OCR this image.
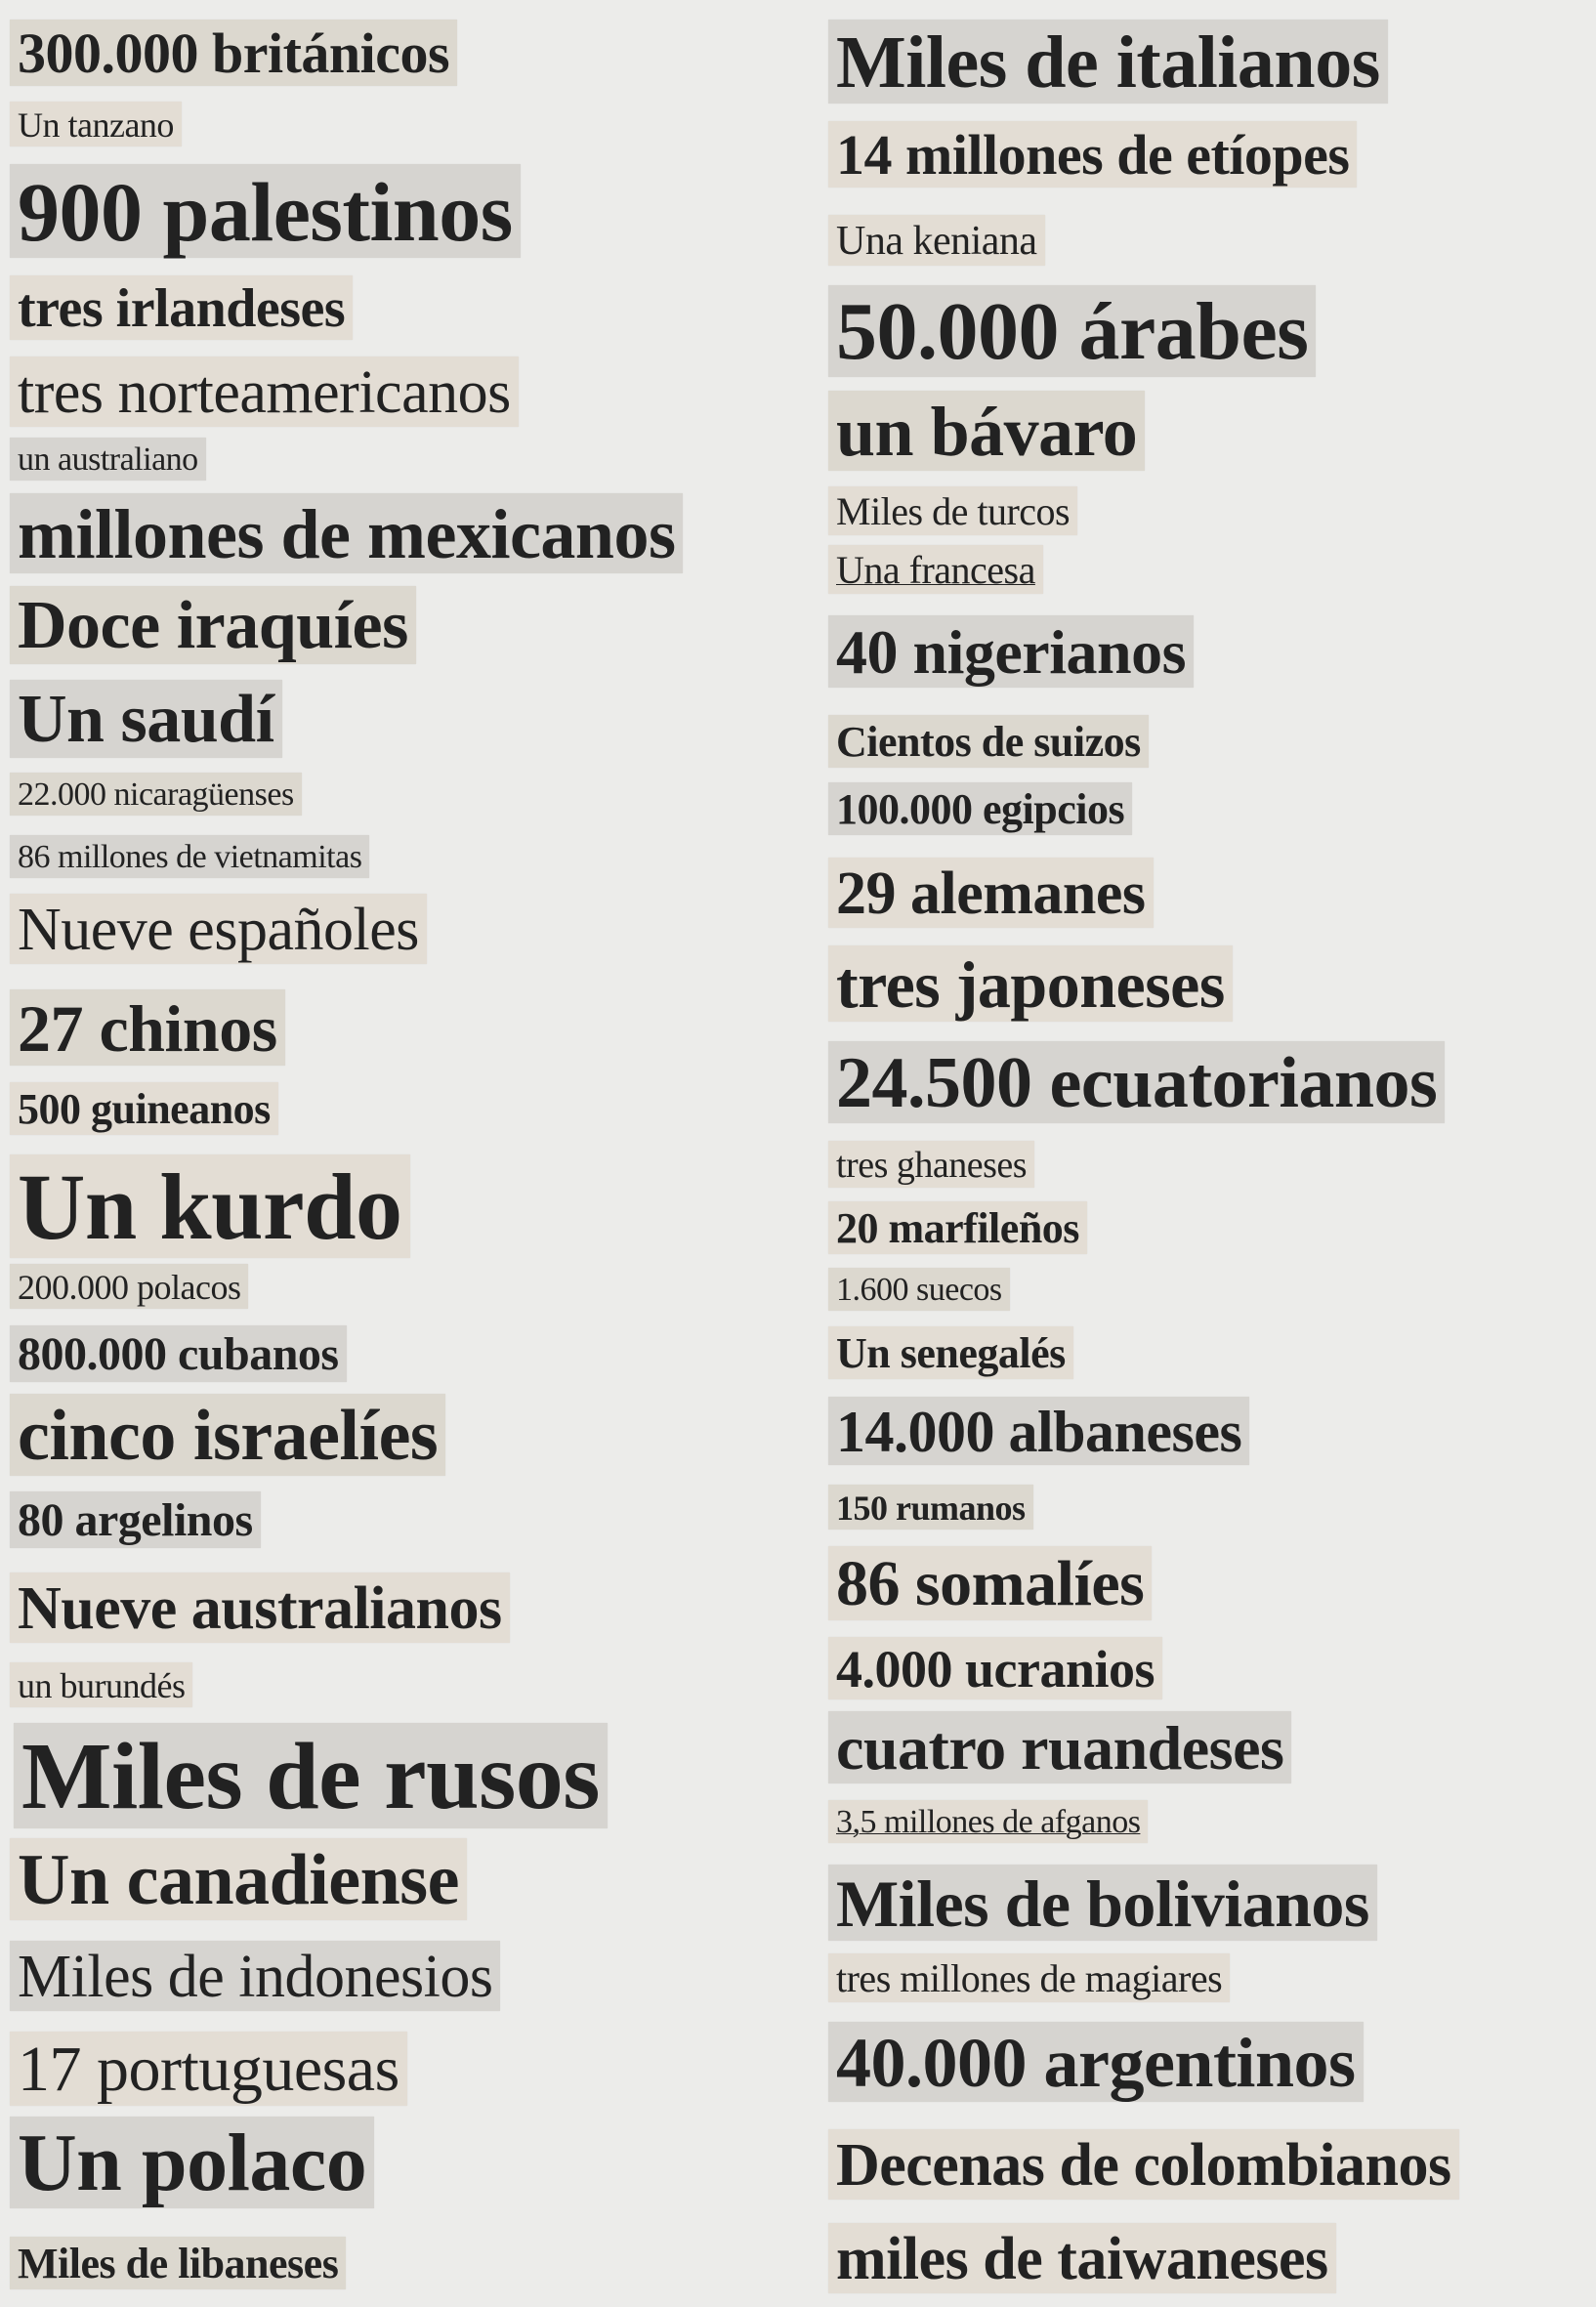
300.000 británicos
Un tanzano
900 palestinos
tres irlandeses
tres norteamericanos
un australiano
millones de mexicanos
Doce iraquíes
Un saudí
22.000 nicaragüenses
86 millones de vietnamitas
Nueve españoles
27 chinos
500 guineanos
Un kurdo
200.000 polacos
800.000 cubanos
cinco israelíes
80 argelinos
Nueve australianos
un burundés
Miles de rusos
Un canadiense
Miles de indonesios
17 portuguesas
Un polaco
Miles de libaneses
Miles de italianos
14 millones de etíopes
Una keniana
50.000 árabes
un bávaro
Miles de turcos
Una francesa
40 nigerianos
Cientos de suizos
100.000 egipcios
29 alemanes
tres japoneses
24.500 ecuatorianos
tres ghaneses
20 marfileños
1.600 suecos
Un senegalés
14.000 albaneses
150 rumanos
86 somalíes
4.000 ucranios
cuatro ruandeses
3,5 millones de afganos
Miles de bolivianos
tres millones de magiares
40.000 argentinos
Decenas de colombianos
miles de taiwaneses
